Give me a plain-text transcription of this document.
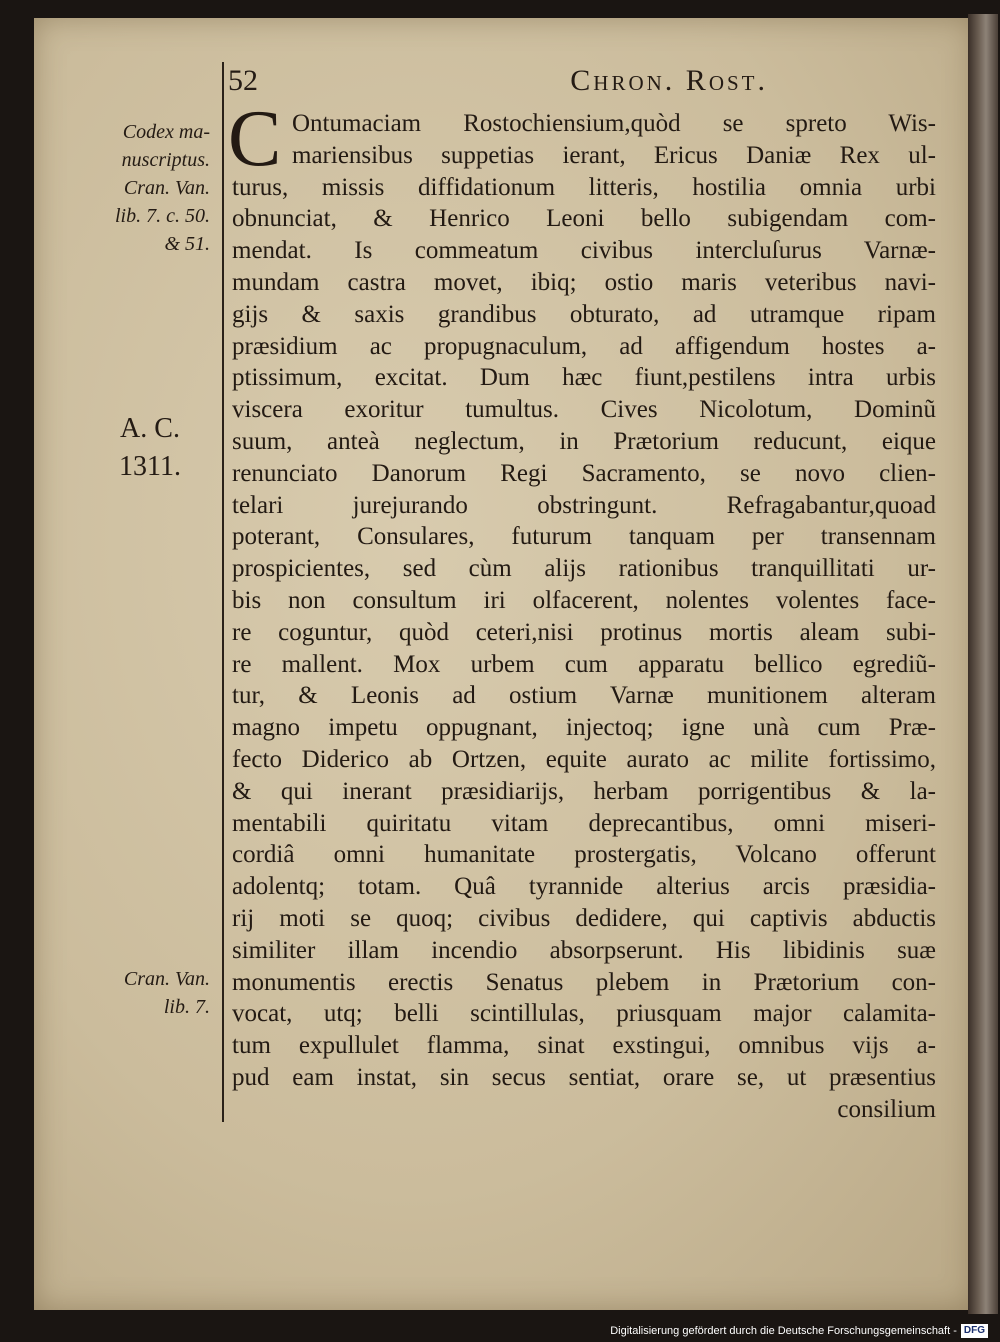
52	Chron. Rost.
Codex ma-
nuscriptus.
Cran. Van.
lib. 7. c. 50.
& 51.
A. C.
1311.
Cran. Van.
lib. 7.
C Ontumaciam Rostochiensium,quòd se spreto Wis-
mariensibus suppetias ierant, Ericus Daniæ Rex ul-
turus, missis diffidationum litteris, hostilia omnia urbi
obnunciat, & Henrico Leoni bello subigendam com-
mendat. Is commeatum civibus intercluſurus Varnæ-
mundam castra movet, ibiq; ostio maris veteribus navi-
gijs & saxis grandibus obturato, ad utramque ripam
præsidium ac propugnaculum, ad affigendum hostes a-
ptissimum, excitat. Dum hæc fiunt,pestilens intra urbis
viscera exoritur tumultus. Cives Nicolotum, Dominũ
suum, anteà neglectum, in Prætorium reducunt, eique
renunciato Danorum Regi Sacramento, se novo clien-
telari jurejurando obstringunt. Refragabantur,quoad
poterant, Consulares, futurum tanquam per transennam
prospicientes, sed cùm alijs rationibus tranquillitati ur-
bis non consultum iri olfacerent, nolentes volentes face-
re coguntur, quòd ceteri,nisi protinus mortis aleam subi-
re mallent. Mox urbem cum apparatu bellico egrediũ-
tur, & Leonis ad ostium Varnæ munitionem alteram
magno impetu oppugnant, injectoq; igne unà cum Præ-
fecto Diderico ab Ortzen, equite aurato ac milite fortissimo,
& qui inerant præsidiarijs, herbam porrigentibus & la-
mentabili quiritatu vitam deprecantibus, omni miseri-
cordiâ omni humanitate prostergatis, Volcano offerunt
adolentq; totam. Quâ tyrannide alterius arcis præsidia-
rij moti se quoq; civibus dedidere, qui captivis abductis
similiter illam incendio absorpserunt. His libidinis suæ
monumentis erectis Senatus plebem in Prætorium con-
vocat, utq; belli scintillulas, priusquam major calamita-
tum expullulet flamma, sinat exstingui, omnibus vijs a-
pud eam instat, sin secus sentiat, orare se, ut præsentius
consilium
Digitalisierung gefördert durch die Deutsche Forschungsgemeinschaft - DFG
